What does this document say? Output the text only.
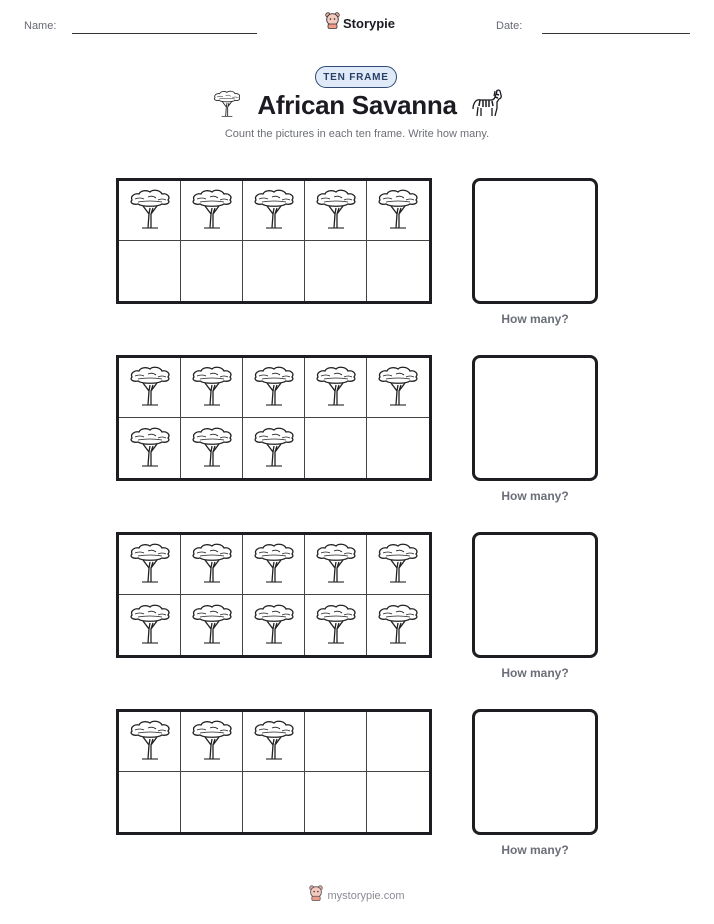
Name:	Storypie	Date:
TEN FRAME
African Savanna
Count the pictures in each ten frame. Write how many.
How many?
How many?
How many?
How many?
mystorypie.com
